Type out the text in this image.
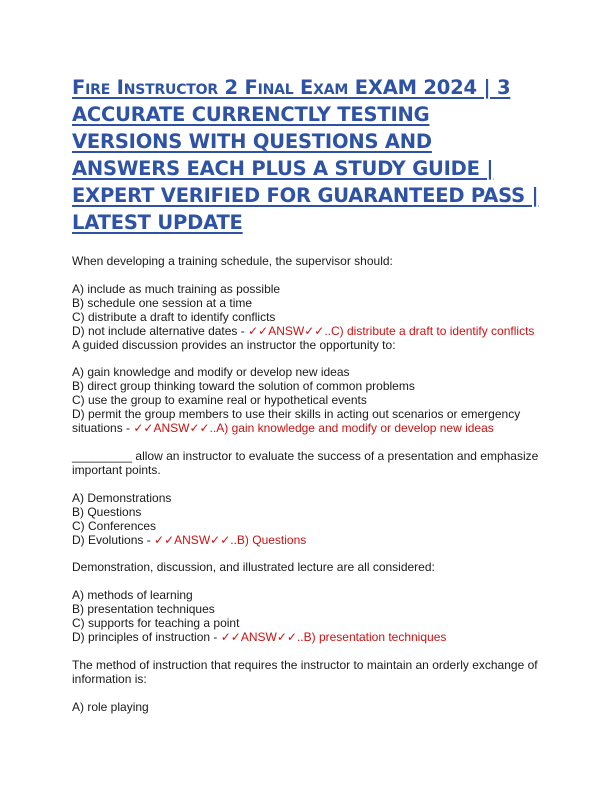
Fire Instructor 2 Final Exam EXAM 2024 | 3 ACCURATE CURRENCTLY TESTING VERSIONS WITH QUESTIONS AND ANSWERS EACH PLUS A STUDY GUIDE | EXPERT VERIFIED FOR GUARANTEED PASS | LATEST UPDATE
When developing a training schedule, the supervisor should:
A) include as much training as possible
B) schedule one session at a time
C) distribute a draft to identify conflicts
D) not include alternative dates - ✓✓ANSW✓✓..C) distribute a draft to identify conflicts
A guided discussion provides an instructor the opportunity to:
A) gain knowledge and modify or develop new ideas
B) direct group thinking toward the solution of common problems
C) use the group to examine real or hypothetical events
D) permit the group members to use their skills in acting out scenarios or emergency situations - ✓✓ANSW✓✓..A) gain knowledge and modify or develop new ideas
_________ allow an instructor to evaluate the success of a presentation and emphasize important points.
A) Demonstrations
B) Questions
C) Conferences
D) Evolutions - ✓✓ANSW✓✓..B) Questions
Demonstration, discussion, and illustrated lecture are all considered:
A) methods of learning
B) presentation techniques
C) supports for teaching a point
D) principles of instruction - ✓✓ANSW✓✓..B) presentation techniques
The method of instruction that requires the instructor to maintain an orderly exchange of information is:
A) role playing
